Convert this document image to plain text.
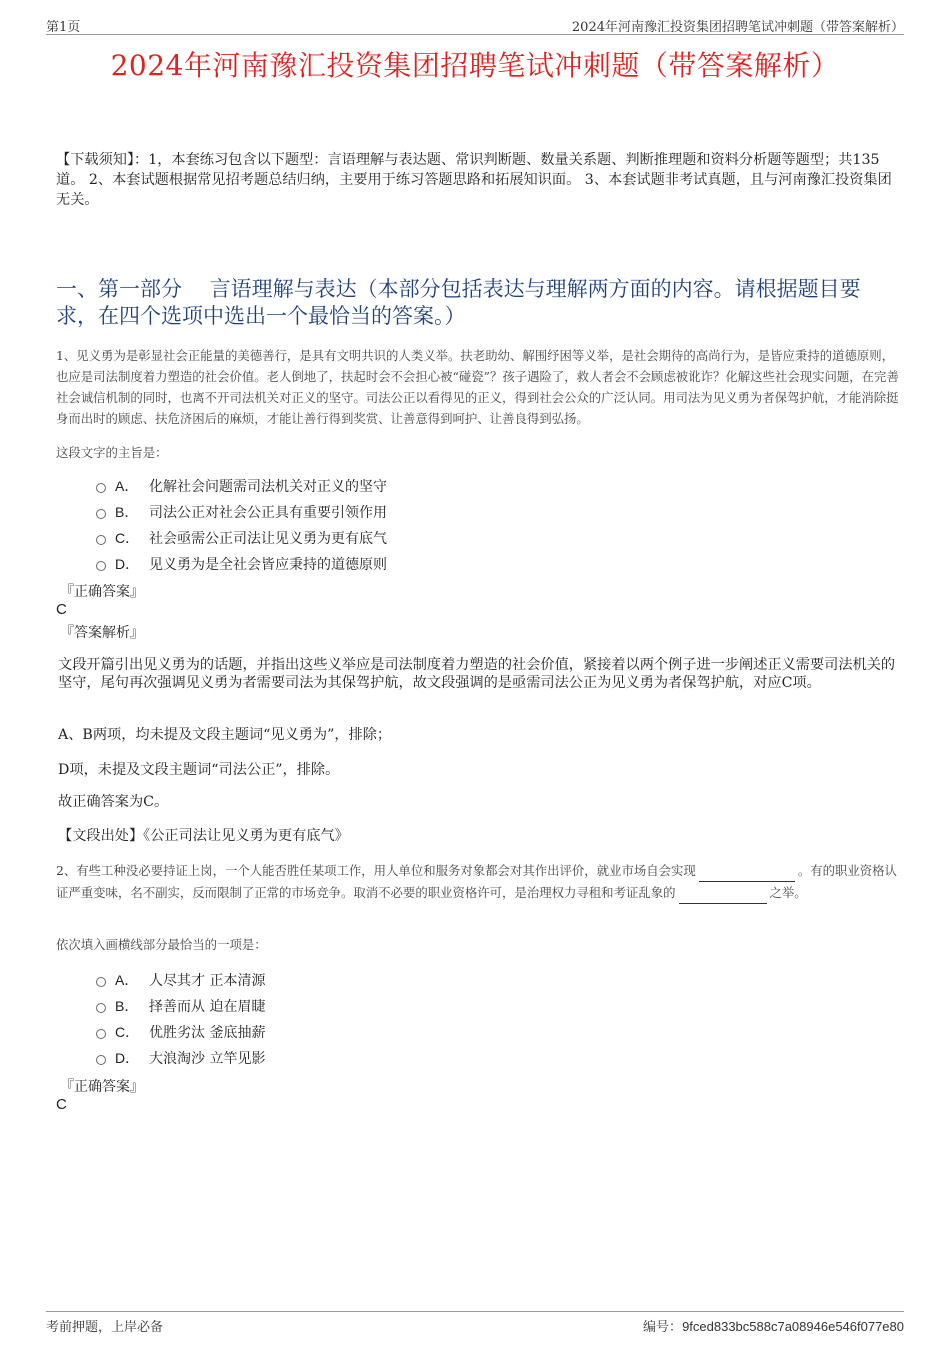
第1页	2024年河南豫汇投资集团招聘笔试冲刺题（带答案解析）
2024年河南豫汇投资集团招聘笔试冲刺题（带答案解析）
【下载须知】：1，本套练习包含以下题型：言语理解与表达题、常识判断题、数量关系题、判断推理题和资料分析题等题型；共135道。 2、本套试题根据常见招考题总结归纳，主要用于练习答题思路和拓展知识面。 3、本套试题非考试真题，且与河南豫汇投资集团无关。
一、第一部分　 言语理解与表达（本部分包括表达与理解两方面的内容。请根据题目要求，在四个选项中选出一个最恰当的答案。）
1、见义勇为是彰显社会正能量的美德善行，是具有文明共识的人类义举。扶老助幼、解围纾困等义举，是社会期待的高尚行为，是皆应秉持的道德原则，也应是司法制度着力塑造的社会价值。老人倒地了，扶起时会不会担心被“碰瓷”？孩子遇险了，救人者会不会顾虑被讹诈？化解这些社会现实问题，在完善社会诚信机制的同时，也离不开司法机关对正义的坚守。司法公正以看得见的正义，得到社会公众的广泛认同。用司法为见义勇为者保驾护航，才能消除挺身而出时的顾虑、扶危济困后的麻烦，才能让善行得到奖赏、让善意得到呵护、让善良得到弘扬。
这段文字的主旨是：
A． 化解社会问题需司法机关对正义的坚守
B． 司法公正对社会公正具有重要引领作用
C． 社会亟需公正司法让见义勇为更有底气
D． 见义勇为是全社会皆应秉持的道德原则
『正确答案』
C
『答案解析』
文段开篇引出见义勇为的话题，并指出这些义举应是司法制度着力塑造的社会价值，紧接着以两个例子进一步阐述正义需要司法机关的坚守，尾句再次强调见义勇为者需要司法为其保驾护航，故文段强调的是亟需司法公正为见义勇为者保驾护航，对应C项。
A、B两项，均未提及文段主题词“见义勇为”，排除；
D项，未提及文段主题词“司法公正”，排除。
故正确答案为C。
【文段出处】《公正司法让见义勇为更有底气》
2、有些工种没必要持证上岗，一个人能否胜任某项工作，用人单位和服务对象都会对其作出评价，就业市场自会实现	。有的职业资格认证严重变味，名不副实，反而限制了正常的市场竞争。取消不必要的职业资格许可，是治理权力寻租和考证乱象的	之举。
依次填入画横线部分最恰当的一项是：
A． 人尽其才 正本清源
B． 择善而从 迫在眉睫
C． 优胜劣汰 釜底抽薪
D． 大浪淘沙 立竿见影
『正确答案』
C
考前押题，上岸必备	编号：9fced833bc588c7a08946e546f077e80
